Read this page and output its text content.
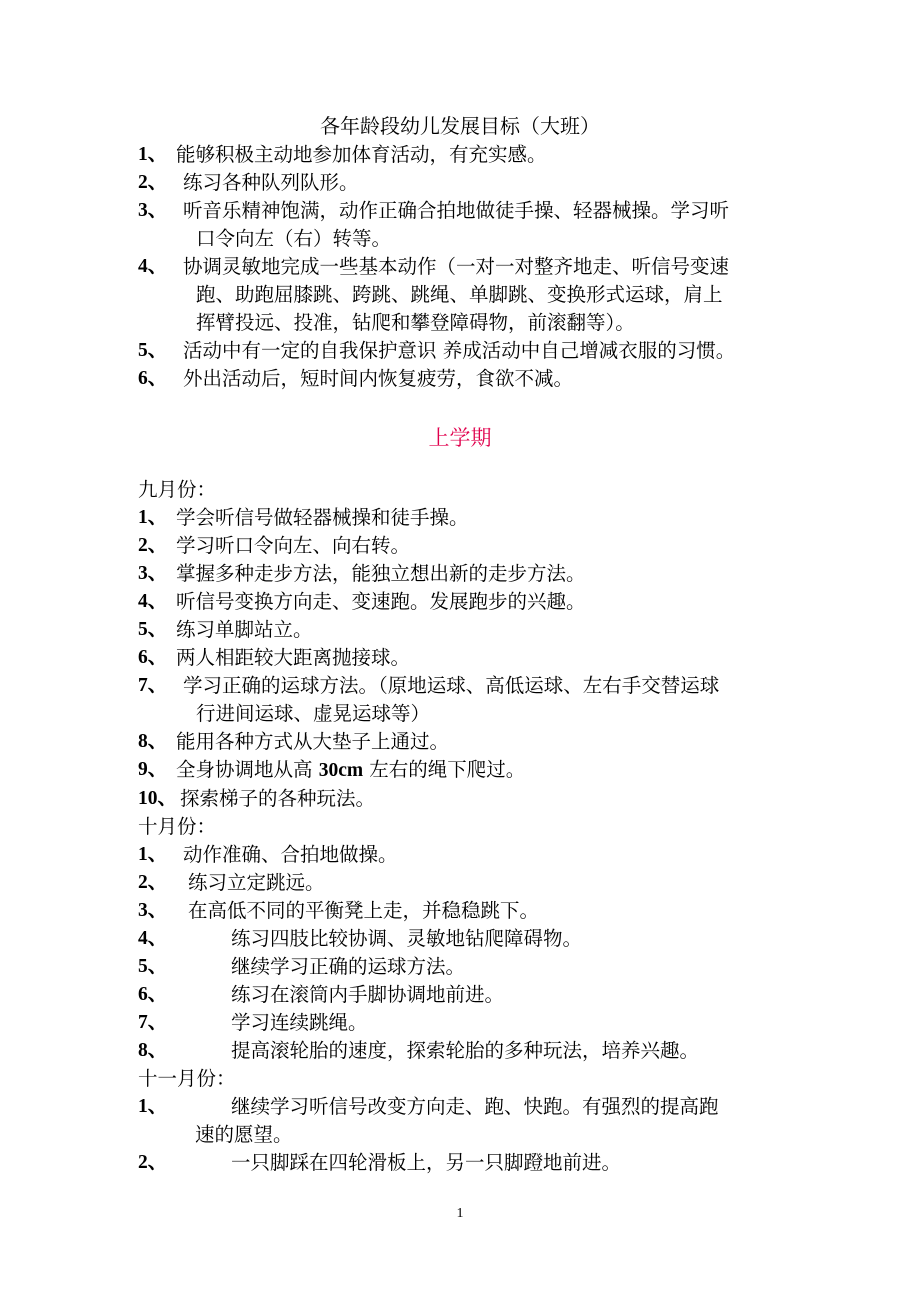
各年龄段幼儿发展目标（大班）
1、 能够积极主动地参加体育活动，有充实感。
2、 练习各种队列队形。
3、 听音乐精神饱满，动作正确合拍地做徒手操、轻器械操。学习听
口令向左（右）转等。
4、 协调灵敏地完成一些基本动作（一对一对整齐地走、听信号变速
跑、助跑屈膝跳、跨跳、跳绳、单脚跳、变换形式运球，肩上
挥臂投远、投准，钻爬和攀登障碍物，前滚翻等）。
5、 活动中有一定的自我保护意识 养成活动中自己增减衣服的习惯。
6、 外出活动后，短时间内恢复疲劳，食欲不减。
上学期
九月份：
1、 学会听信号做轻器械操和徒手操。
2、 学习听口令向左、向右转。
3、 掌握多种走步方法，能独立想出新的走步方法。
4、 听信号变换方向走、变速跑。发展跑步的兴趣。
5、 练习单脚站立。
6、 两人相距较大距离抛接球。
7、 学习正确的运球方法。（原地运球、高低运球、左右手交替运球
行进间运球、虚晃运球等）
8、 能用各种方式从大垫子上通过。
9、 全身协调地从高 30cm 左右的绳下爬过。
10、 探索梯子的各种玩法。
十月份：
1、 动作准确、合拍地做操。
2、	练习立定跳远。
3、	在高低不同的平衡凳上走，并稳稳跳下。
4、	练习四肢比较协调、灵敏地钻爬障碍物。
5、	继续学习正确的运球方法。
6、	练习在滚筒内手脚协调地前进。
7、	学习连续跳绳。
8、	提高滚轮胎的速度，探索轮胎的多种玩法，培养兴趣。
十一月份：
1、	继续学习听信号改变方向走、跑、快跑。有强烈的提高跑
速的愿望。
2、	一只脚踩在四轮滑板上，另一只脚蹬地前进。
1
